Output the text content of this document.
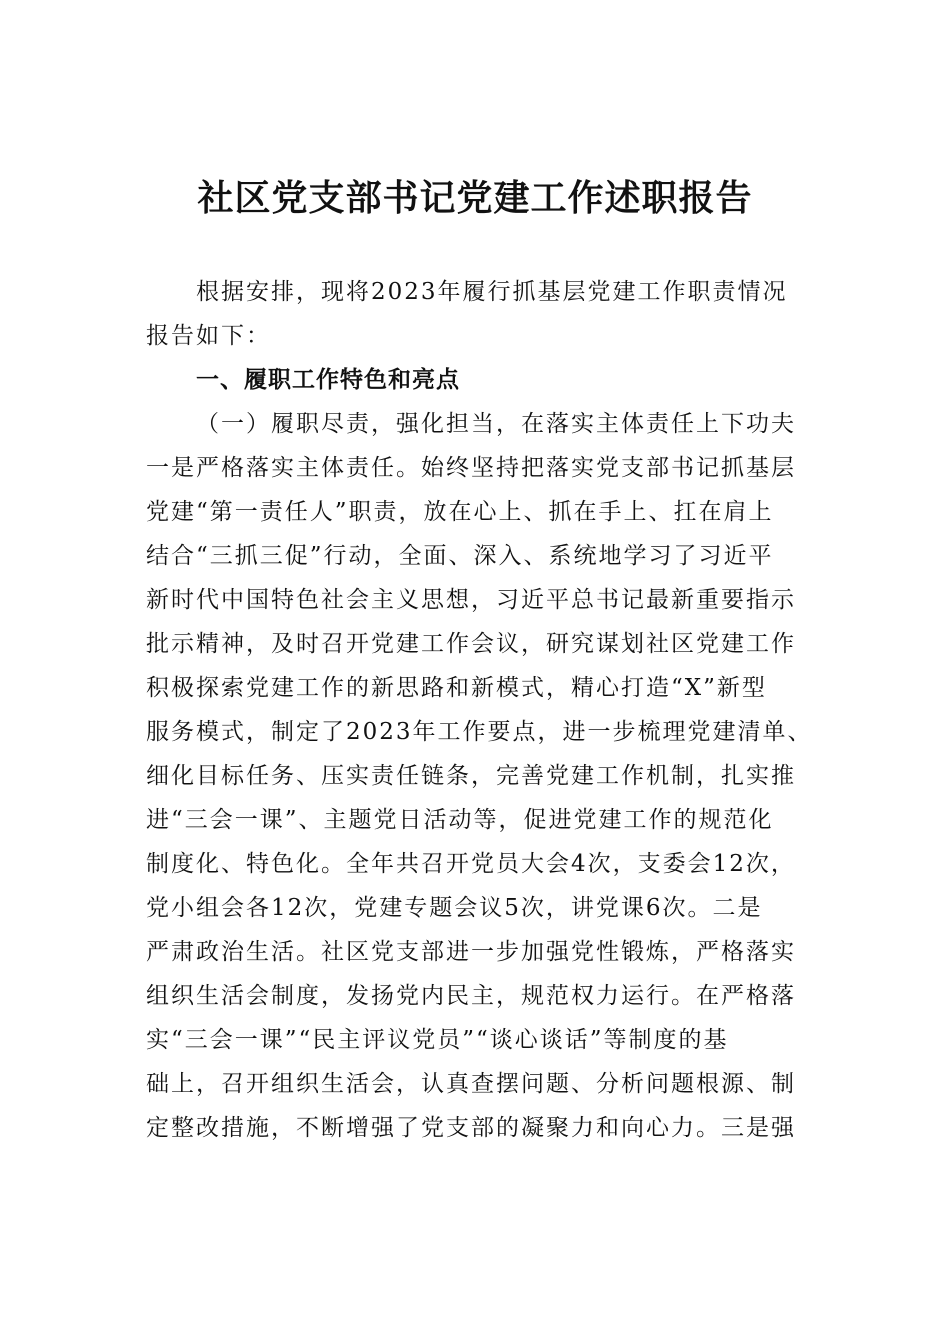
社区党支部书记党建工作述职报告
根据安排，现将2023年履行抓基层党建工作职责情况
报告如下：
一、履职工作特色和亮点
（一）履职尽责，强化担当，在落实主体责任上下功夫
一是严格落实主体责任。始终坚持把落实党支部书记抓基层
党建“第一责任人”职责，放在心上、抓在手上、扛在肩上
结合“三抓三促”行动，全面、深入、系统地学习了习近平
新时代中国特色社会主义思想，习近平总书记最新重要指示
批示精神，及时召开党建工作会议，研究谋划社区党建工作
积极探索党建工作的新思路和新模式，精心打造“X”新型
服务模式，制定了2023年工作要点，进一步梳理党建清单、
细化目标任务、压实责任链条，完善党建工作机制，扎实推
进“三会一课”、主题党日活动等，促进党建工作的规范化
制度化、特色化。全年共召开党员大会4次，支委会12次，
党小组会各12次，党建专题会议5次，讲党课6次。二是
严肃政治生活。社区党支部进一步加强党性锻炼，严格落实
组织生活会制度，发扬党内民主，规范权力运行。在严格落
实“三会一课”“民主评议党员”“谈心谈话”等制度的基
础上，召开组织生活会，认真查摆问题、分析问题根源、制
定整改措施，不断增强了党支部的凝聚力和向心力。三是强
